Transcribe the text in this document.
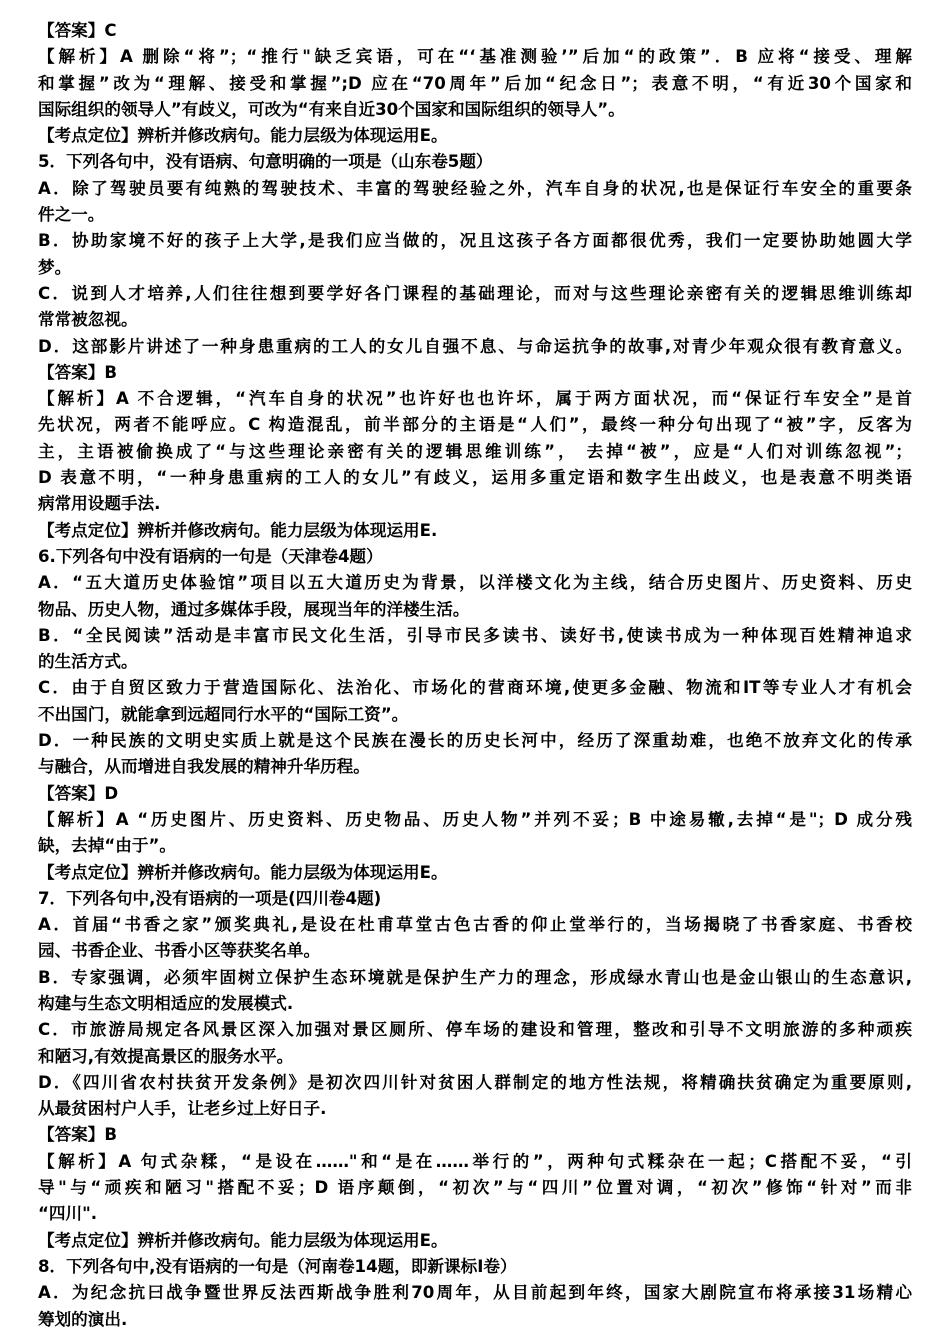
【答案】C
【解析】A 删除“将”；“推行"缺乏宾语，可在“‘基准测验’”后加“的政策”．B 应将“接受、理解
和掌握”改为“理解、接受和掌握”;D 应在“70周年”后加“纪念日”；表意不明，“有近30个国家和
国际组织的领导人”有歧义，可改为“有来自近30个国家和国际组织的领导人”。
【考点定位】辨析并修改病句。能力层级为体现运用E。
5．下列各句中，没有语病、句意明确的一项是（山东卷5题）
A．除了驾驶员要有纯熟的驾驶技术、丰富的驾驶经验之外，汽车自身的状况,也是保证行车安全的重要条
件之一。
B．协助家境不好的孩子上大学,是我们应当做的，况且这孩子各方面都很优秀，我们一定要协助她圆大学
梦。
C．说到人才培养,人们往往想到要学好各门课程的基础理论，而对与这些理论亲密有关的逻辑思维训练却
常常被忽视。
D．这部影片讲述了一种身患重病的工人的女儿自强不息、与命运抗争的故事,对青少年观众很有教育意义。
【答案】B
【解析】A 不合逻辑，“汽车自身的状况”也许好也也许坏，属于两方面状况，而“保证行车安全”是首
先状况，两者不能呼应。C 构造混乱，前半部分的主语是“人们”，最终一种分句出现了“被”字，反客为
主，主语被偷换成了“与这些理论亲密有关的逻辑思维训练”， 去掉“被”，应是“人们对训练忽视”；
D 表意不明，“一种身患重病的工人的女儿”有歧义，运用多重定语和数字生出歧义，也是表意不明类语
病常用设题手法.
【考点定位】辨析并修改病句。能力层级为体现运用E.
6.下列各句中没有语病的一句是（天津卷4题）
A．“五大道历史体验馆”项目以五大道历史为背景，以洋楼文化为主线，结合历史图片、历史资料、历史
物品、历史人物，通过多媒体手段，展现当年的洋楼生活。
B．“全民阅读”活动是丰富市民文化生活，引导市民多读书、读好书,使读书成为一种体现百姓精神追求
的生活方式。
C．由于自贸区致力于营造国际化、法治化、市场化的营商环境,使更多金融、物流和IT等专业人才有机会
不出国门，就能拿到远超同行水平的“国际工资”。
D．一种民族的文明史实质上就是这个民族在漫长的历史长河中，经历了深重劫难，也绝不放弃文化的传承
与融合，从而增进自我发展的精神升华历程。
【答案】D
【解析】A “历史图片、历史资料、历史物品、历史人物”并列不妥；B 中途易辙,去掉“是"；D 成分残
缺，去掉“由于”。
【考点定位】辨析并修改病句。能力层级为体现运用E。
7．下列各句中,没有语病的一项是(四川卷4题)
A．首届“书香之家”颁奖典礼,是设在杜甫草堂古色古香的仰止堂举行的，当场揭晓了书香家庭、书香校
园、书香企业、书香小区等获奖名单。
B．专家强调，必须牢固树立保护生态环境就是保护生产力的理念，形成绿水青山也是金山银山的生态意识,
构建与生态文明相适应的发展模式.
C．市旅游局规定各风景区深入加强对景区厕所、停车场的建设和管理，整改和引导不文明旅游的多种顽疾
和陋习,有效提高景区的服务水平。
D．《四川省农村扶贫开发条例》是初次四川针对贫困人群制定的地方性法规，将精确扶贫确定为重要原则,
从最贫困村户人手，让老乡过上好日子.
【答案】B
【解析】A 句式杂糅，“是设在……"和“是在……举行的”，两种句式糅杂在一起；C搭配不妥，“引
导"与“顽疾和陋习"搭配不妥；D 语序颠倒，“初次”与“四川”位置对调，“初次”修饰“针对”而非
“四川".
【考点定位】辨析并修改病句。能力层级为体现运用E。
8．下列各句中,没有语病的一句是（河南卷14题，即新课标Ⅰ卷）
A．为纪念抗曰战争暨世界反法西斯战争胜利70周年，从目前起到年终，国家大剧院宣布将承接31场精心
筹划的演出.
